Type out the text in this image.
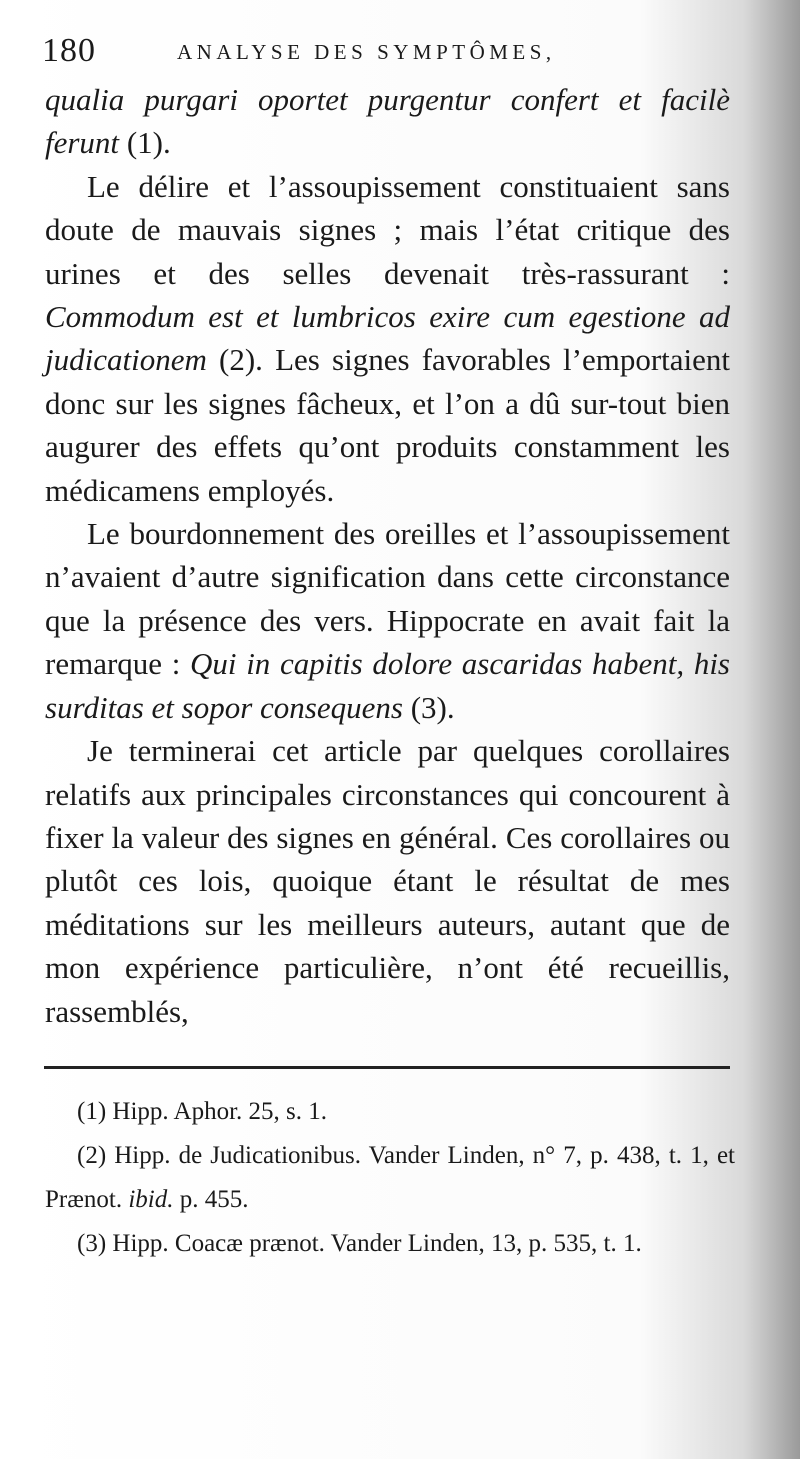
180	ANALYSE DES SYMPTÔMES,

qualia purgari oportet purgentur confert et facilè ferunt (1).

Le délire et l’assoupissement constituaient sans doute de mauvais signes ; mais l’état critique des urines et des selles devenait très-rassurant : Commodum est et lumbricos exire cum egestione ad judicationem (2). Les signes favorables l’emportaient donc sur les signes fâcheux, et l’on a dû sur-tout bien augurer des effets qu’ont produits constamment les médicamens employés.

Le bourdonnement des oreilles et l’assoupissement n’avaient d’autre signification dans cette circonstance que la présence des vers. Hippocrate en avait fait la remarque : Qui in capitis dolore ascaridas habent, his surditas et sopor consequens (3).

Je terminerai cet article par quelques corollaires relatifs aux principales circonstances qui concourent à fixer la valeur des signes en général. Ces corollaires ou plutôt ces lois, quoique étant le résultat de mes méditations sur les meilleurs auteurs, autant que de mon expérience particulière, n’ont été recueillis, rassemblés,

(1) Hipp. Aphor. 25, s. 1.

(2) Hipp. de Judicationibus. Vander Linden, n° 7, p. 438, t. 1, et Prænot. ibid. p. 455.

(3) Hipp. Coacæ prænot. Vander Linden, 13, p. 535, t. 1.
